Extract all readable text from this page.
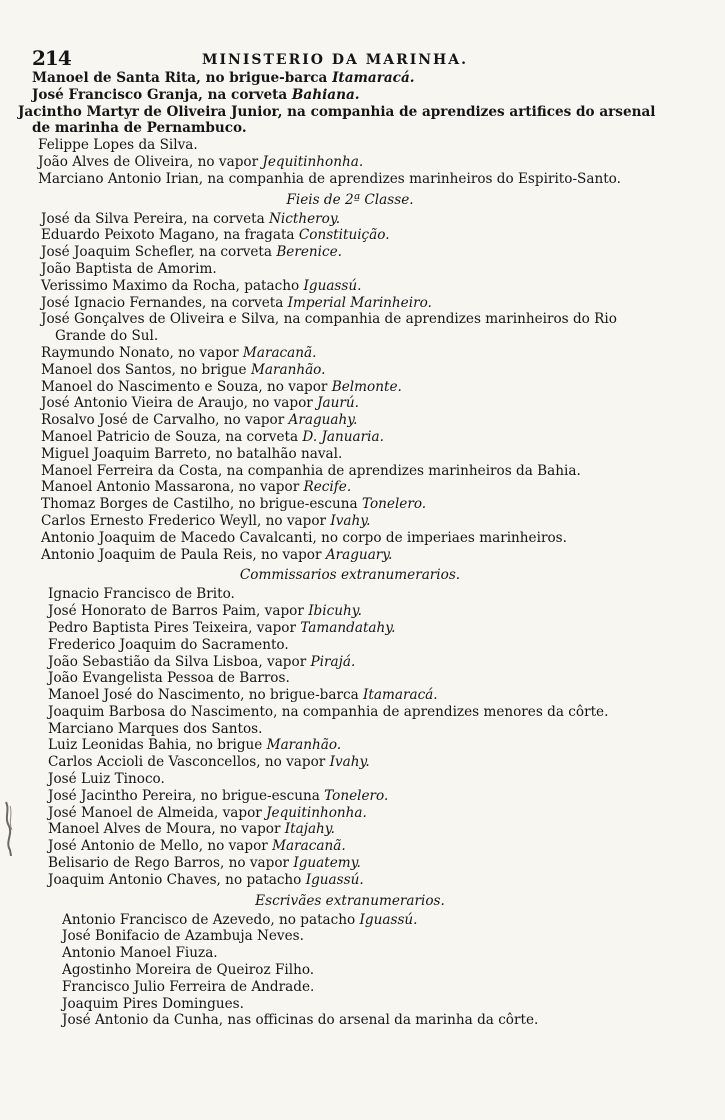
214	MINISTERIO DA MARINHA.
Manoel de Santa Rita, no brigue-barca Itamaracá.
José Francisco Granja, na corveta Bahiana.
Jacintho Martyr de Oliveira Junior, na companhia de aprendizes artifices do arsenal de marinha de Pernambuco.
Felippe Lopes da Silva.
João Alves de Oliveira, no vapor Jequitinhonha.
Marciano Antonio Irian, na companhia de aprendizes marinheiros do Espirito-Santo.
Fieis de 2ª Classe.
José da Silva Pereira, na corveta Nictheroy.
Eduardo Peixoto Magano, na fragata Constituição.
José Joaquim Schefler, na corveta Berenice.
João Baptista de Amorim.
Verissimo Maximo da Rocha, patacho Iguassú.
José Ignacio Fernandes, na corveta Imperial Marinheiro.
José Gonçalves de Oliveira e Silva, na companhia de aprendizes marinheiros do Rio Grande do Sul.
Raymundo Nonato, no vapor Maracanã.
Manoel dos Santos, no brigue Maranhão.
Manoel do Nascimento e Souza, no vapor Belmonte.
José Antonio Vieira de Araujo, no vapor Jaurú.
Rosalvo José de Carvalho, no vapor Araguahy.
Manoel Patricio de Souza, na corveta D. Januaria.
Miguel Joaquim Barreto, no batalhão naval.
Manoel Ferreira da Costa, na companhia de aprendizes marinheiros da Bahia.
Manoel Antonio Massarona, no vapor Recife.
Thomaz Borges de Castilho, no brigue-escuna Tonelero.
Carlos Ernesto Frederico Weyll, no vapor Ivahy.
Antonio Joaquim de Macedo Cavalcanti, no corpo de imperiaes marinheiros.
Antonio Joaquim de Paula Reis, no vapor Araguary.
Commissarios extranumerarios.
Ignacio Francisco de Brito.
José Honorato de Barros Paim, vapor Ibicuhy.
Pedro Baptista Pires Teixeira, vapor Tamandatahy.
Frederico Joaquim do Sacramento.
João Sebastião da Silva Lisboa, vapor Pirajá.
João Evangelista Pessoa de Barros.
Manoel José do Nascimento, no brigue-barca Itamaracá.
Joaquim Barbosa do Nascimento, na companhia de aprendizes menores da côrte.
Marciano Marques dos Santos.
Luiz Leonidas Bahia, no brigue Maranhão.
Carlos Accioli de Vasconcellos, no vapor Ivahy.
José Luiz Tinoco.
José Jacintho Pereira, no brigue-escuna Tonelero.
José Manoel de Almeida, vapor Jequitinhonha.
Manoel Alves de Moura, no vapor Itajahy.
José Antonio de Mello, no vapor Maracanã.
Belisario de Rego Barros, no vapor Iguatemy.
Joaquim Antonio Chaves, no patacho Iguassú.
Escrivães extranumerarios.
Antonio Francisco de Azevedo, no patacho Iguassú.
José Bonifacio de Azambuja Neves.
Antonio Manoel Fiuza.
Agostinho Moreira de Queiroz Filho.
Francisco Julio Ferreira de Andrade.
Joaquim Pires Domingues.
José Antonio da Cunha, nas officinas do arsenal da marinha da côrte.
